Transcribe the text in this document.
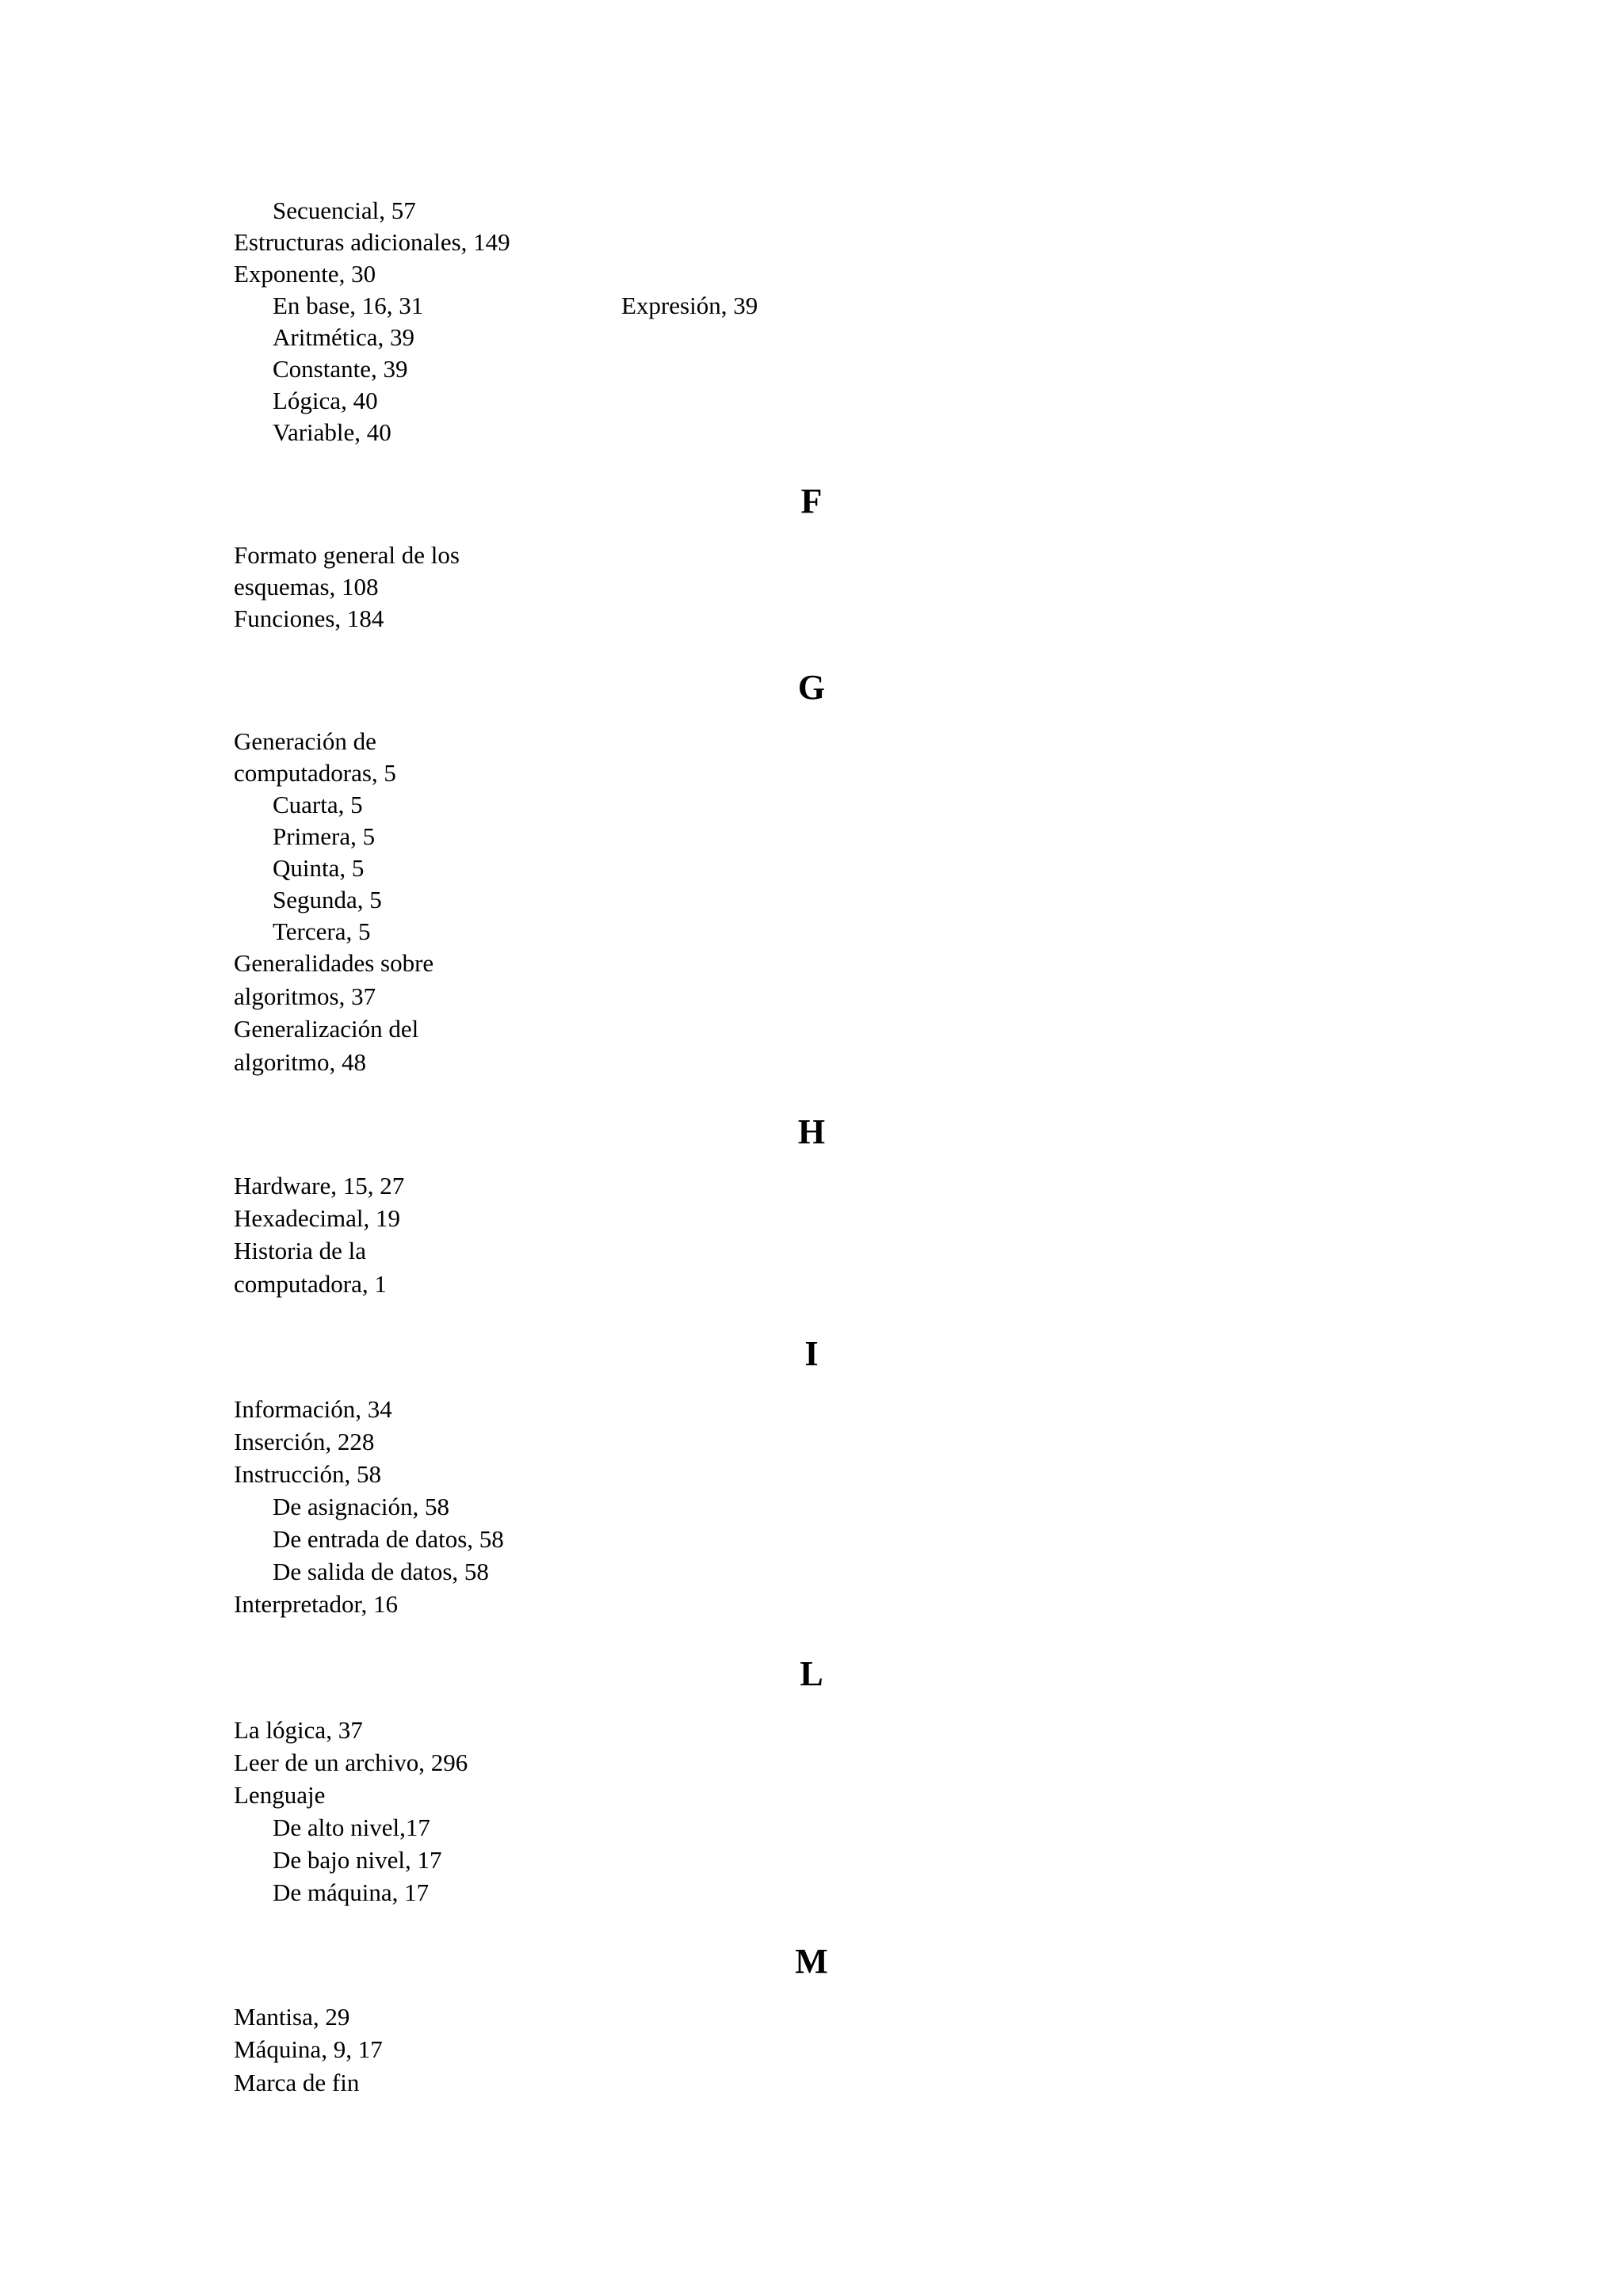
Secuencial, 57
Estructuras adicionales, 149
Exponente, 30
En base, 16, 31	Expresión, 39
Aritmética, 39
Constante, 39
Lógica, 40
Variable, 40
F
Formato general de los
esquemas, 108
Funciones, 184
G
Generación de
computadoras, 5
Cuarta, 5
Primera, 5
Quinta, 5
Segunda, 5
Tercera, 5
Generalidades sobre
algoritmos, 37
Generalización del
algoritmo, 48
H
Hardware, 15, 27
Hexadecimal, 19
Historia de la
computadora, 1
I
Información, 34
Inserción, 228
Instrucción, 58
De asignación, 58
De entrada de datos, 58
De salida de datos, 58
Interpretador, 16
L
La lógica, 37
Leer de un archivo, 296
Lenguaje
De alto nivel,17
De bajo nivel, 17
De máquina, 17
M
Mantisa, 29
Máquina, 9, 17
Marca de fin
